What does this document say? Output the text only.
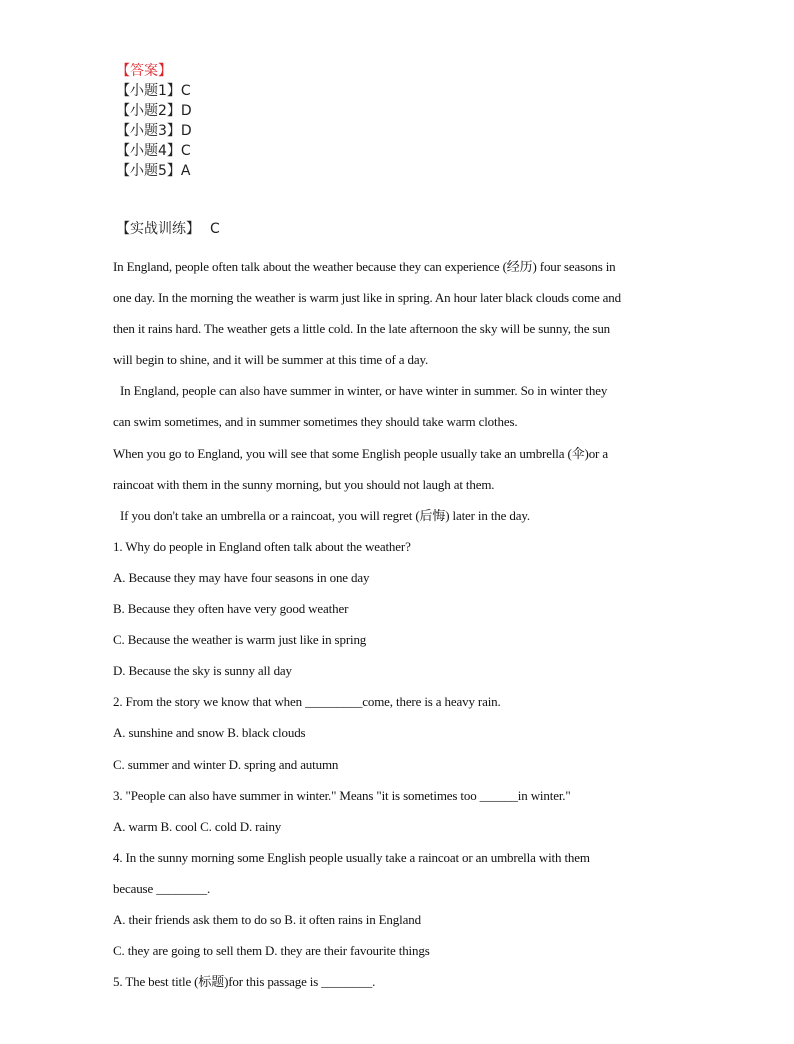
【答案】
【小题1】C
【小题2】D
【小题3】D
【小题4】C
【小题5】A
【实战训练】 C
In England, people often talk about the weather because they can experience (经历) four seasons in
one day. In the morning the weather is warm just like in spring. An hour later black clouds come and
then it rains hard. The weather gets a little cold. In the late afternoon the sky will be sunny, the sun
will begin to shine, and it will be summer at this time of a day.
In England, people can also have summer in winter, or have winter in summer. So in winter they
can swim sometimes, and in summer sometimes they should take warm clothes.
When you go to England, you will see that some English people usually take an umbrella (伞)or a
raincoat with them in the sunny morning, but you should not laugh at them.
If you don't take an umbrella or a raincoat, you will regret (后悔) later in the day.
1. Why do people in England often talk about the weather?
A. Because they may have four seasons in one day
B. Because they often have very good weather
C. Because the weather is warm just like in spring
D. Because the sky is sunny all day
2. From the story we know that when _________come, there is a heavy rain.
A. sunshine and snow B. black clouds
C. summer and winter D. spring and autumn
3. "People can also have summer in winter." Means "it is sometimes too ______in winter."
A. warm B. cool C. cold D. rainy
4. In the sunny morning some English people usually take a raincoat or an umbrella with them
because ________.
A. their friends ask them to do so B. it often rains in England
C. they are going to sell them D. they are their favourite things
5. The best title (标题)for this passage is ________.
